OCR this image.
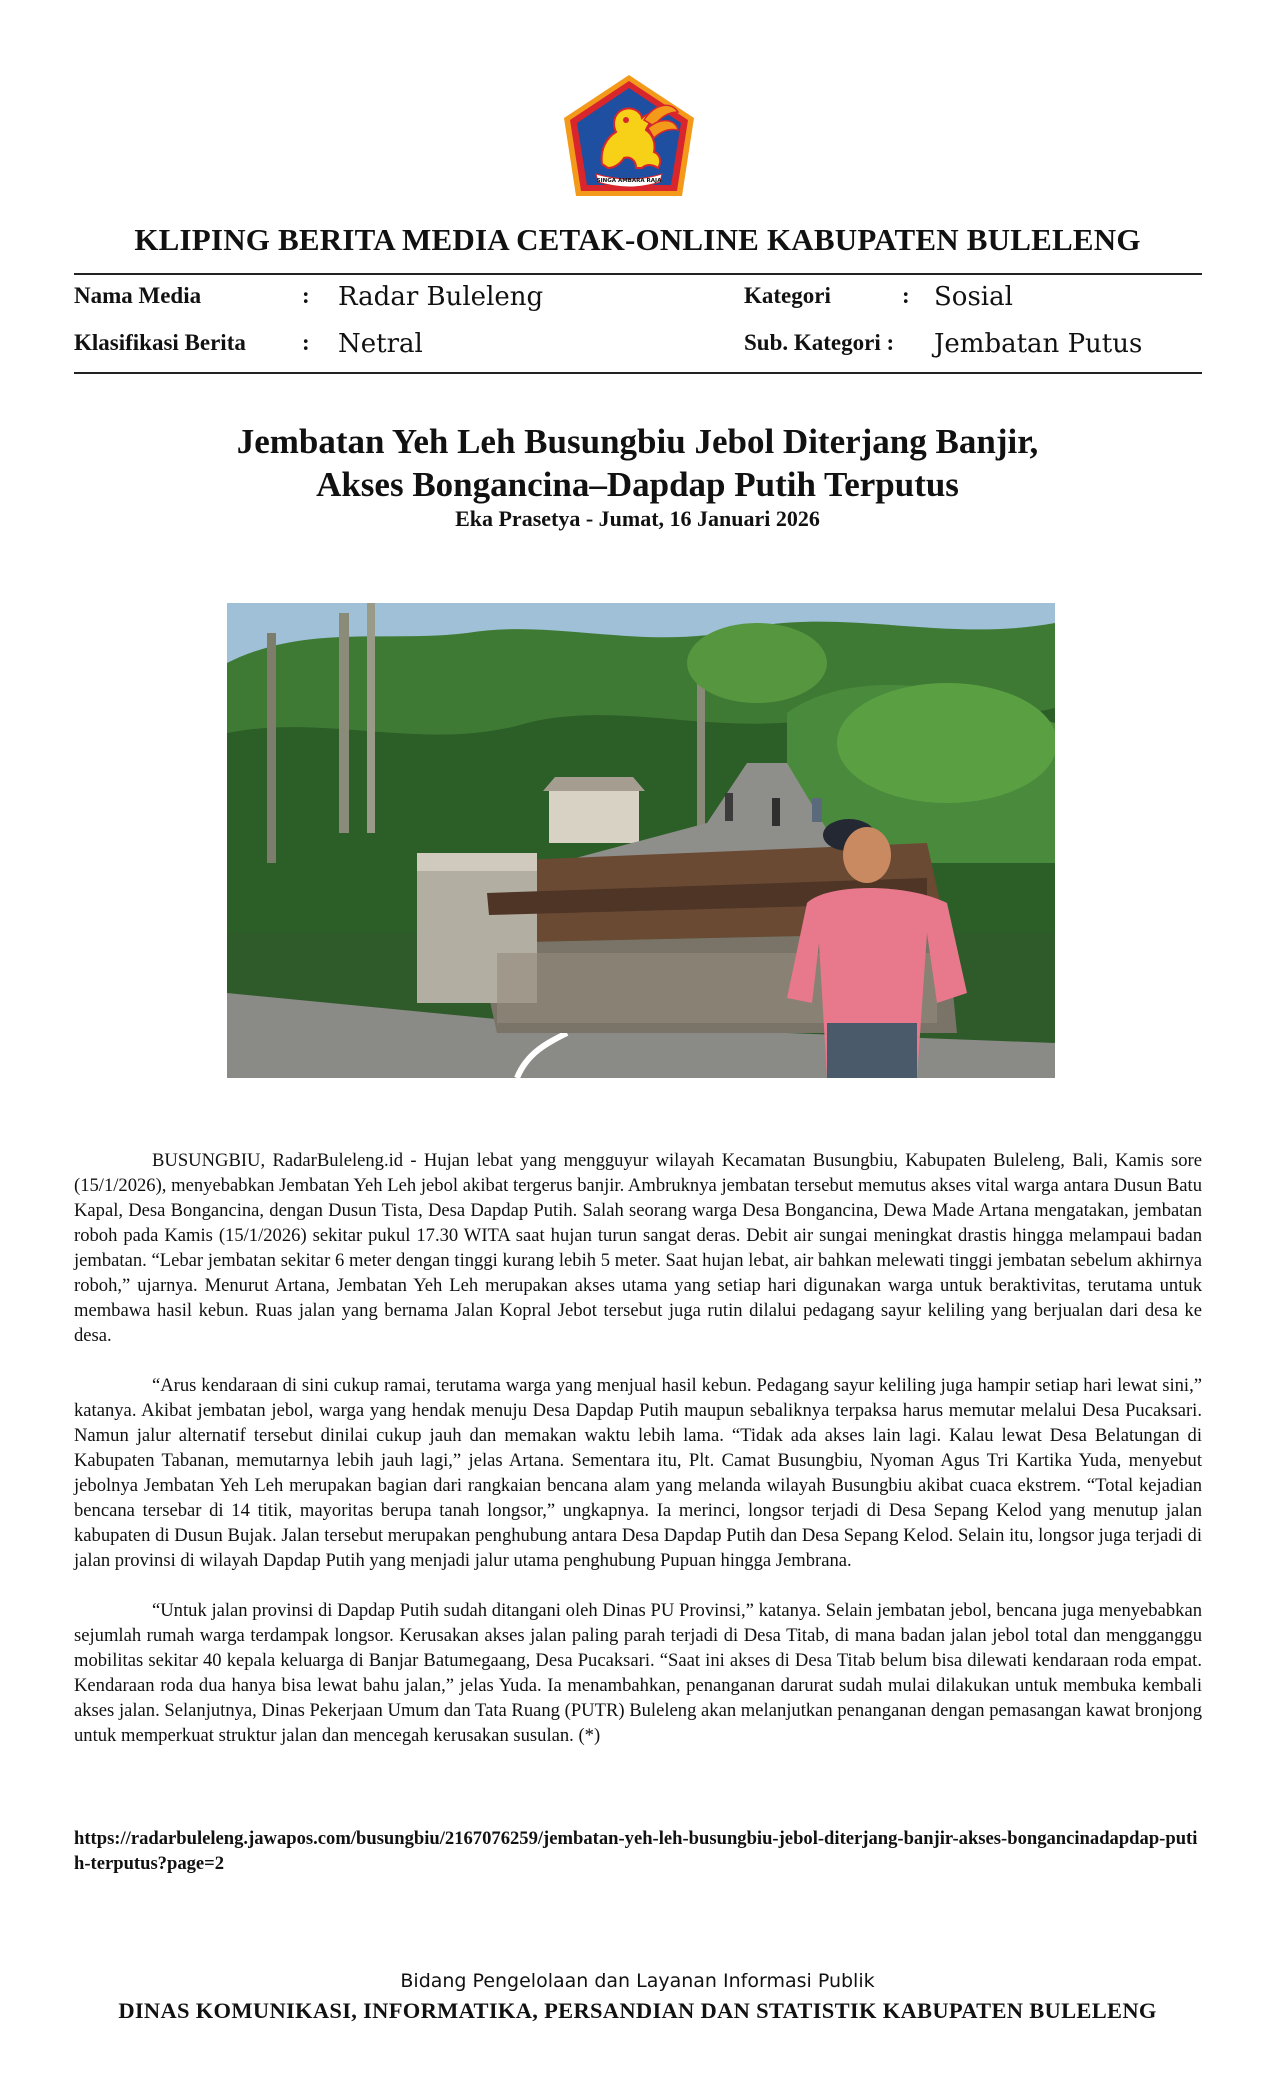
SINGA AMBARA RAJA
KLIPING BERITA MEDIA CETAK-ONLINE KABUPATEN BULELENG
Nama Media	: Radar Buleleng	Kategori	: Sosial
Klasifikasi Berita : Netral	Sub. Kategori : Jembatan Putus
Jembatan Yeh Leh Busungbiu Jebol Diterjang Banjir,
Akses Bongancina–Dapdap Putih Terputus
Eka Prasetya - Jumat, 16 Januari 2026

BUSUNGBIU, RadarBuleleng.id - Hujan lebat yang mengguyur wilayah Kecamatan Busungbiu, Kabupaten Buleleng, Bali, Kamis sore (15/1/2026), menyebabkan Jembatan Yeh Leh jebol akibat tergerus banjir. Ambruknya jembatan tersebut memutus akses vital warga antara Dusun Batu Kapal, Desa Bongancina, dengan Dusun Tista, Desa Dapdap Putih. Salah seorang warga Desa Bongancina, Dewa Made Artana mengatakan, jembatan roboh pada Kamis (15/1/2026) sekitar pukul 17.30 WITA saat hujan turun sangat deras. Debit air sungai meningkat drastis hingga melampaui badan jembatan. “Lebar jembatan sekitar 6 meter dengan tinggi kurang lebih 5 meter. Saat hujan lebat, air bahkan melewati tinggi jembatan sebelum akhirnya roboh,” ujarnya. Menurut Artana, Jembatan Yeh Leh merupakan akses utama yang setiap hari digunakan warga untuk beraktivitas, terutama untuk membawa hasil kebun. Ruas jalan yang bernama Jalan Kopral Jebot tersebut juga rutin dilalui pedagang sayur keliling yang berjualan dari desa ke desa.

“Arus kendaraan di sini cukup ramai, terutama warga yang menjual hasil kebun. Pedagang sayur keliling juga hampir setiap hari lewat sini,” katanya. Akibat jembatan jebol, warga yang hendak menuju Desa Dapdap Putih maupun sebaliknya terpaksa harus memutar melalui Desa Pucaksari. Namun jalur alternatif tersebut dinilai cukup jauh dan memakan waktu lebih lama. “Tidak ada akses lain lagi. Kalau lewat Desa Belatungan di Kabupaten Tabanan, memutarnya lebih jauh lagi,” jelas Artana. Sementara itu, Plt. Camat Busungbiu, Nyoman Agus Tri Kartika Yuda, menyebut jebolnya Jembatan Yeh Leh merupakan bagian dari rangkaian bencana alam yang melanda wilayah Busungbiu akibat cuaca ekstrem. “Total kejadian bencana tersebar di 14 titik, mayoritas berupa tanah longsor,” ungkapnya. Ia merinci, longsor terjadi di Desa Sepang Kelod yang menutup jalan kabupaten di Dusun Bujak. Jalan tersebut merupakan penghubung antara Desa Dapdap Putih dan Desa Sepang Kelod. Selain itu, longsor juga terjadi di jalan provinsi di wilayah Dapdap Putih yang menjadi jalur utama penghubung Pupuan hingga Jembrana.

“Untuk jalan provinsi di Dapdap Putih sudah ditangani oleh Dinas PU Provinsi,” katanya. Selain jembatan jebol, bencana juga menyebabkan sejumlah rumah warga terdampak longsor. Kerusakan akses jalan paling parah terjadi di Desa Titab, di mana badan jalan jebol total dan mengganggu mobilitas sekitar 40 kepala keluarga di Banjar Batumegaang, Desa Pucaksari. “Saat ini akses di Desa Titab belum bisa dilewati kendaraan roda empat. Kendaraan roda dua hanya bisa lewat bahu jalan,” jelas Yuda. Ia menambahkan, penanganan darurat sudah mulai dilakukan untuk membuka kembali akses jalan. Selanjutnya, Dinas Pekerjaan Umum dan Tata Ruang (PUTR) Buleleng akan melanjutkan penanganan dengan pemasangan kawat bronjong untuk memperkuat struktur jalan dan mencegah kerusakan susulan. (*)

https://radarbuleleng.jawapos.com/busungbiu/2167076259/jembatan-yeh-leh-busungbiu-jebol-diterjang-banjir-akses-bongancinadapdap-putih-terputus?page=2
Bidang Pengelolaan dan Layanan Informasi Publik
DINAS KOMUNIKASI, INFORMATIKA, PERSANDIAN DAN STATISTIK KABUPATEN BULELENG
